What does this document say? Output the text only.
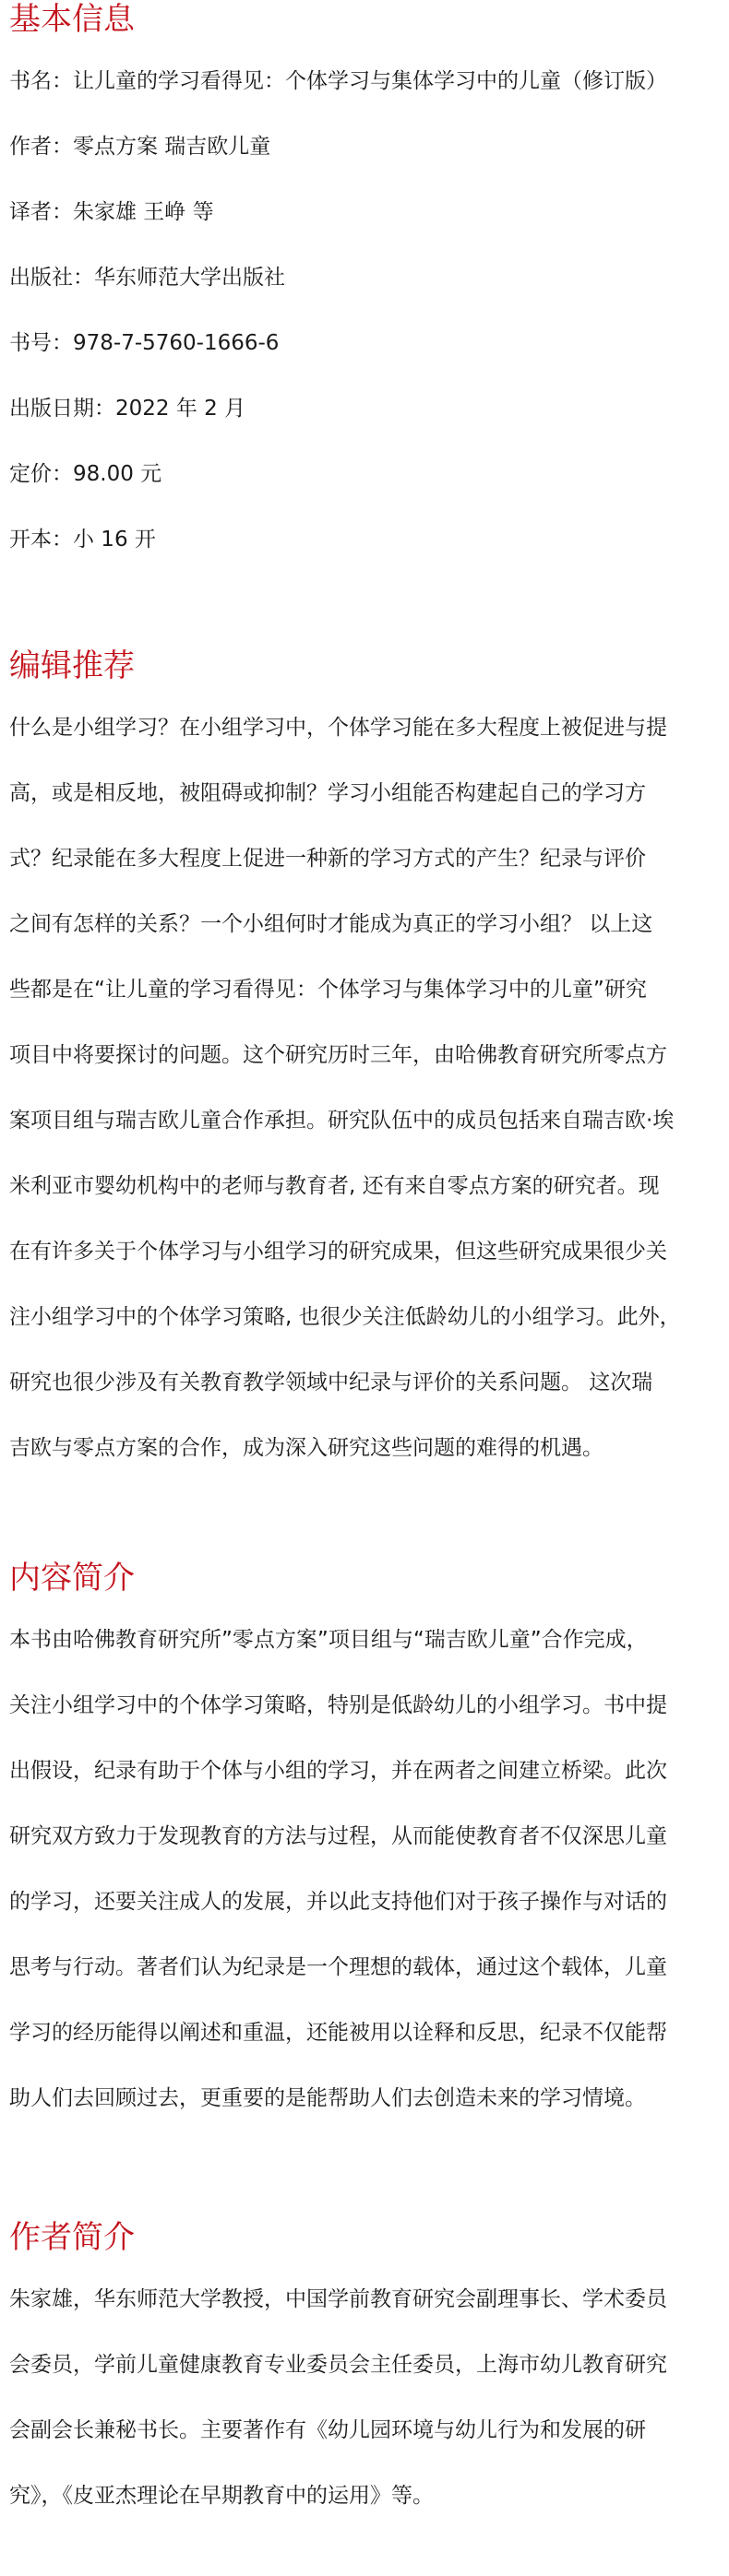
基本信息
书名：让儿童的学习看得见：个体学习与集体学习中的儿童（修订版）
作者：零点方案 瑞吉欧儿童
译者：朱家雄 王峥 等
出版社：华东师范大学出版社
书号：978-7-5760-1666-6
出版日期：2022 年 2 月
定价：98.00 元
开本：小 16 开
编辑推荐
什么是小组学习？在小组学习中，个体学习能在多大程度上被促进与提
高，或是相反地，被阻碍或抑制？学习小组能否构建起自己的学习方
式？纪录能在多大程度上促进一种新的学习方式的产生？纪录与评价
之间有怎样的关系？一个小组何时才能成为真正的学习小组？ 以上这
些都是在“让儿童的学习看得见：个体学习与集体学习中的儿童”研究
项目中将要探讨的问题。这个研究历时三年，由哈佛教育研究所零点方
案项目组与瑞吉欧儿童合作承担。研究队伍中的成员包括来自瑞吉欧·埃
米利亚市婴幼机构中的老师与教育者, 还有来自零点方案的研究者。现
在有许多关于个体学习与小组学习的研究成果，但这些研究成果很少关
注小组学习中的个体学习策略, 也很少关注低龄幼儿的小组学习。此外，
研究也很少涉及有关教育教学领域中纪录与评价的关系问题。 这次瑞
吉欧与零点方案的合作，成为深入研究这些问题的难得的机遇。
内容简介
本书由哈佛教育研究所”零点方案”项目组与“瑞吉欧儿童”合作完成，
关注小组学习中的个体学习策略，特别是低龄幼儿的小组学习。书中提
出假设，纪录有助于个体与小组的学习，并在两者之间建立桥梁。此次
研究双方致力于发现教育的方法与过程，从而能使教育者不仅深思儿童
的学习，还要关注成人的发展，并以此支持他们对于孩子操作与对话的
思考与行动。著者们认为纪录是一个理想的载体，通过这个载体，儿童
学习的经历能得以阐述和重温，还能被用以诠释和反思，纪录不仅能帮
助人们去回顾过去，更重要的是能帮助人们去创造未来的学习情境。
作者简介
朱家雄，华东师范大学教授，中国学前教育研究会副理事长、学术委员
会委员，学前儿童健康教育专业委员会主任委员，上海市幼儿教育研究
会副会长兼秘书长。主要著作有《幼儿园环境与幼儿行为和发展的研
究》，《皮亚杰理论在早期教育中的运用》等。
